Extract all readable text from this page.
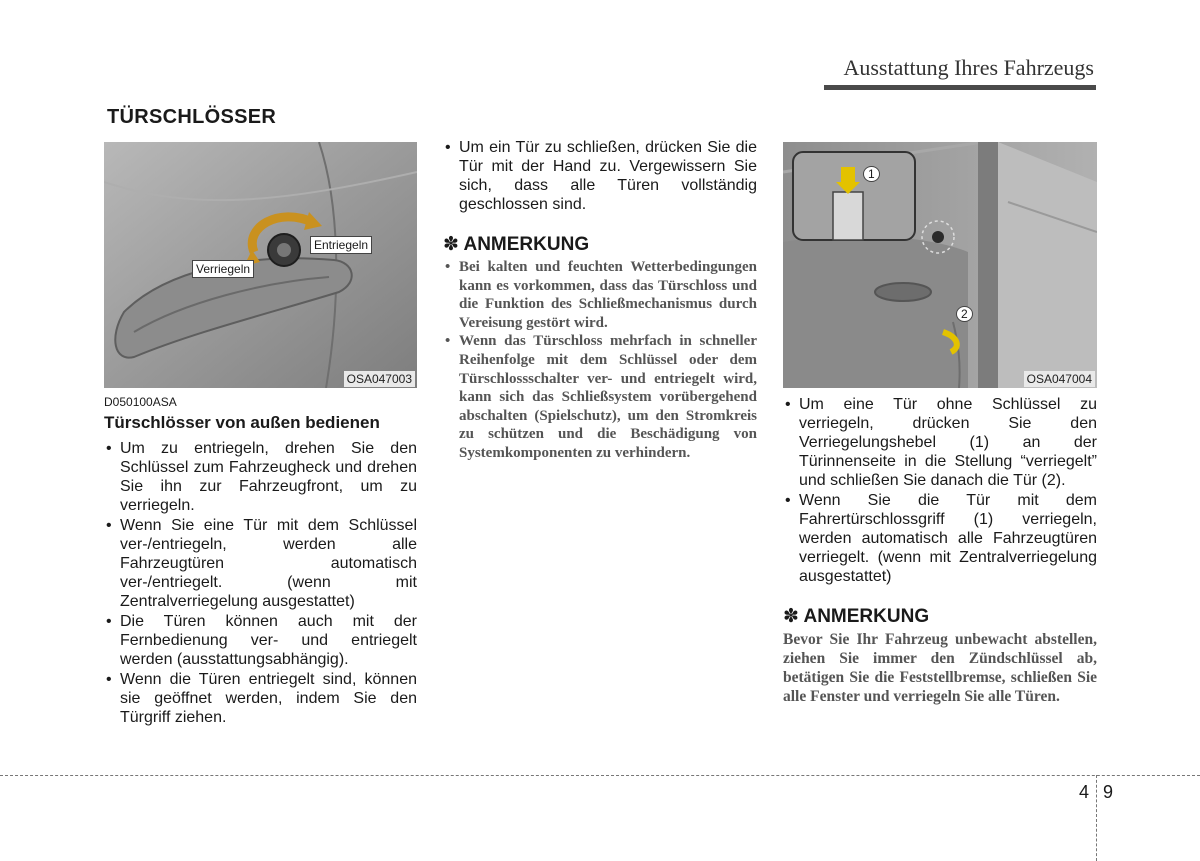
Ausstattung Ihres Fahrzeugs
TÜRSCHLÖSSER
Verriegeln
Entriegeln
OSA047003
D050100ASA
Türschlösser von außen bedienen
• Um zu entriegeln, drehen Sie den Schlüssel zum Fahrzeugheck und drehen Sie ihn zur Fahrzeugfront, um zu verriegeln.
• Wenn Sie eine Tür mit dem Schlüssel ver-/entriegeln, werden alle Fahrzeugtüren automatisch ver-/entriegelt. (wenn mit Zentralverriegelung ausgestattet)
• Die Türen können auch mit der Fernbedienung ver- und entriegelt werden (ausstattungsabhängig).
• Wenn die Türen entriegelt sind, können sie geöffnet werden, indem Sie den Türgriff ziehen.
• Um ein Tür zu schließen, drücken Sie die Tür mit der Hand zu. Vergewissern Sie sich, dass alle Türen vollständig geschlossen sind.
✽ ANMERKUNG
• Bei kalten und feuchten Wetterbedingungen kann es vorkommen, dass das Türschloss und die Funktion des Schließmechanismus durch Vereisung gestört wird.
• Wenn das Türschloss mehrfach in schneller Reihenfolge mit dem Schlüssel oder dem Türschlossschalter ver- und entriegelt wird, kann sich das Schließsystem vorübergehend abschalten (Spielschutz), um den Stromkreis zu schützen und die Beschädigung von Systemkomponenten zu verhindern.
1
2
OSA047004
• Um eine Tür ohne Schlüssel zu verriegeln, drücken Sie den Verriegelungshebel (1) an der Türinnenseite in die Stellung “verriegelt” und schließen Sie danach die Tür (2).
• Wenn Sie die Tür mit dem Fahrertürschlossgriff (1) verriegeln, werden automatisch alle Fahrzeugtüren verriegelt. (wenn mit Zentralverriegelung ausgestattet)
✽ ANMERKUNG
Bevor Sie Ihr Fahrzeug unbewacht abstellen, ziehen Sie immer den Zündschlüssel ab, betätigen Sie die Feststellbremse, schließen Sie alle Fenster und verriegeln Sie alle Türen.
4 9
